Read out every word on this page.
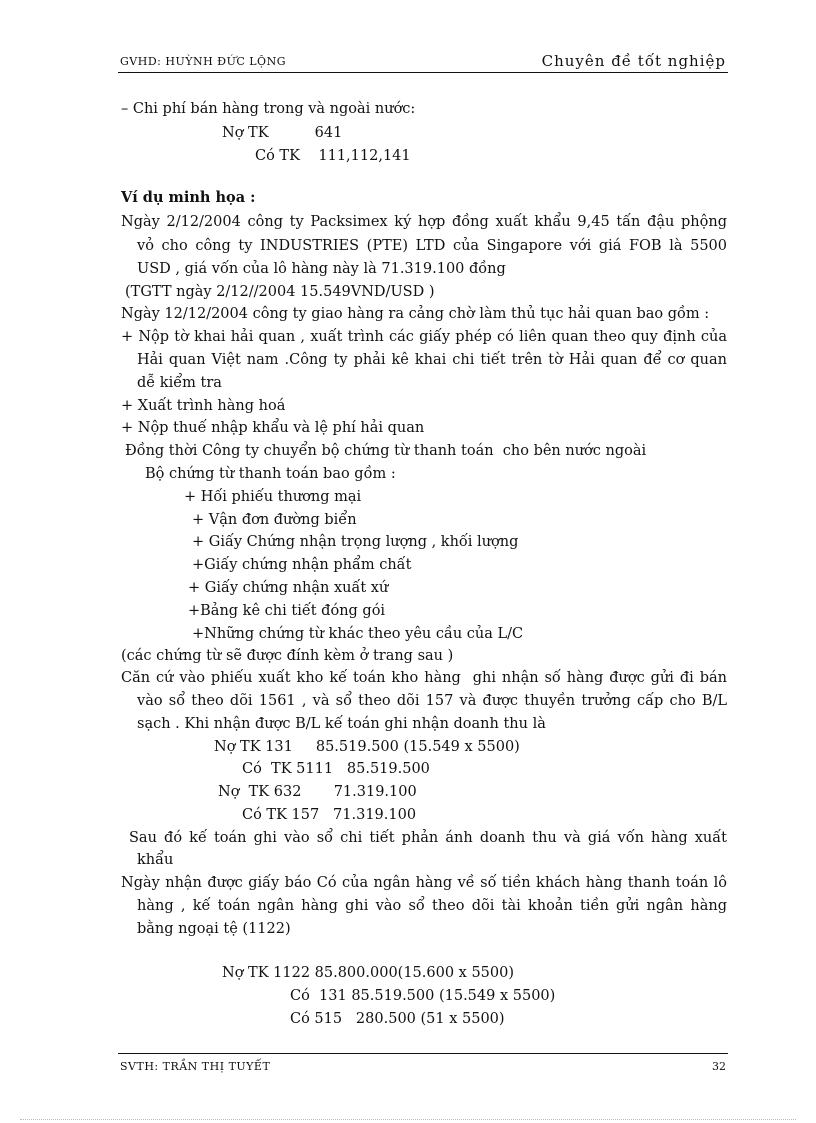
GVHD: HUỲNH ĐỨC LỘNG	Chuyên đề tốt nghiệp
– Chi phí bán hàng trong và ngoài nước:
Nợ TK          641
Có TK    111,112,141
Ví dụ minh họa :
Ngày 2/12/2004 công ty Packsimex ký hợp đồng xuất khẩu 9,45 tấn đậu phộng
vỏ cho công ty INDUSTRIES (PTE) LTD của Singapore với giá FOB là 5500
USD , giá vốn của lô hàng này là 71.319.100 đồng
(TGTT ngày 2/12//2004 15.549VND/USD )
Ngày 12/12/2004 công ty giao hàng ra cảng chờ làm thủ tục hải quan bao gồm :
+ Nộp tờ khai hải quan , xuất trình các giấy phép có liên quan theo quy định của
Hải quan Việt nam .Công ty phải kê khai chi tiết trên tờ Hải quan để cơ quan
dễ kiểm tra
+ Xuất trình hàng hoá
+ Nộp thuế nhập khẩu và lệ phí hải quan
Đồng thời Công ty chuyển bộ chứng từ thanh toán  cho bên nước ngoài
Bộ chứng từ thanh toán bao gồm :
+ Hối phiếu thương mại
+ Vận đơn đường biển
+ Giấy Chứng nhận trọng lượng , khối lượng
+Giấy chứng nhận phẩm chất
+ Giấy chứng nhận xuất xứ
+Bảng kê chi tiết đóng gói
+Những chứng từ khác theo yêu cầu của L/C
(các chứng từ sẽ được đính kèm ở trang sau )
Căn cứ vào phiếu xuất kho kế toán kho hàng  ghi nhận số hàng được gửi đi bán
vào sổ theo dõi 1561 , và sổ theo dõi 157 và được thuyền trưởng cấp cho B/L
sạch . Khi nhận được B/L kế toán ghi nhận doanh thu là
Nợ TK 131     85.519.500 (15.549 x 5500)
Có  TK 5111   85.519.500
Nợ  TK 632       71.319.100
Có TK 157   71.319.100
Sau đó kế toán ghi vào sổ chi tiết phản ánh doanh thu và giá vốn hàng xuất
khẩu
Ngày nhận được giấy báo Có của ngân hàng về số tiền khách hàng thanh toán lô
hàng , kế toán ngân hàng ghi vào sổ theo dõi tài khoản tiền gửi ngân hàng
bằng ngoại tệ (1122)
Nợ TK 1122 85.800.000(15.600 x 5500)
Có  131 85.519.500 (15.549 x 5500)
Có 515   280.500 (51 x 5500)
SVTH: TRẦN THỊ TUYẾT	32
